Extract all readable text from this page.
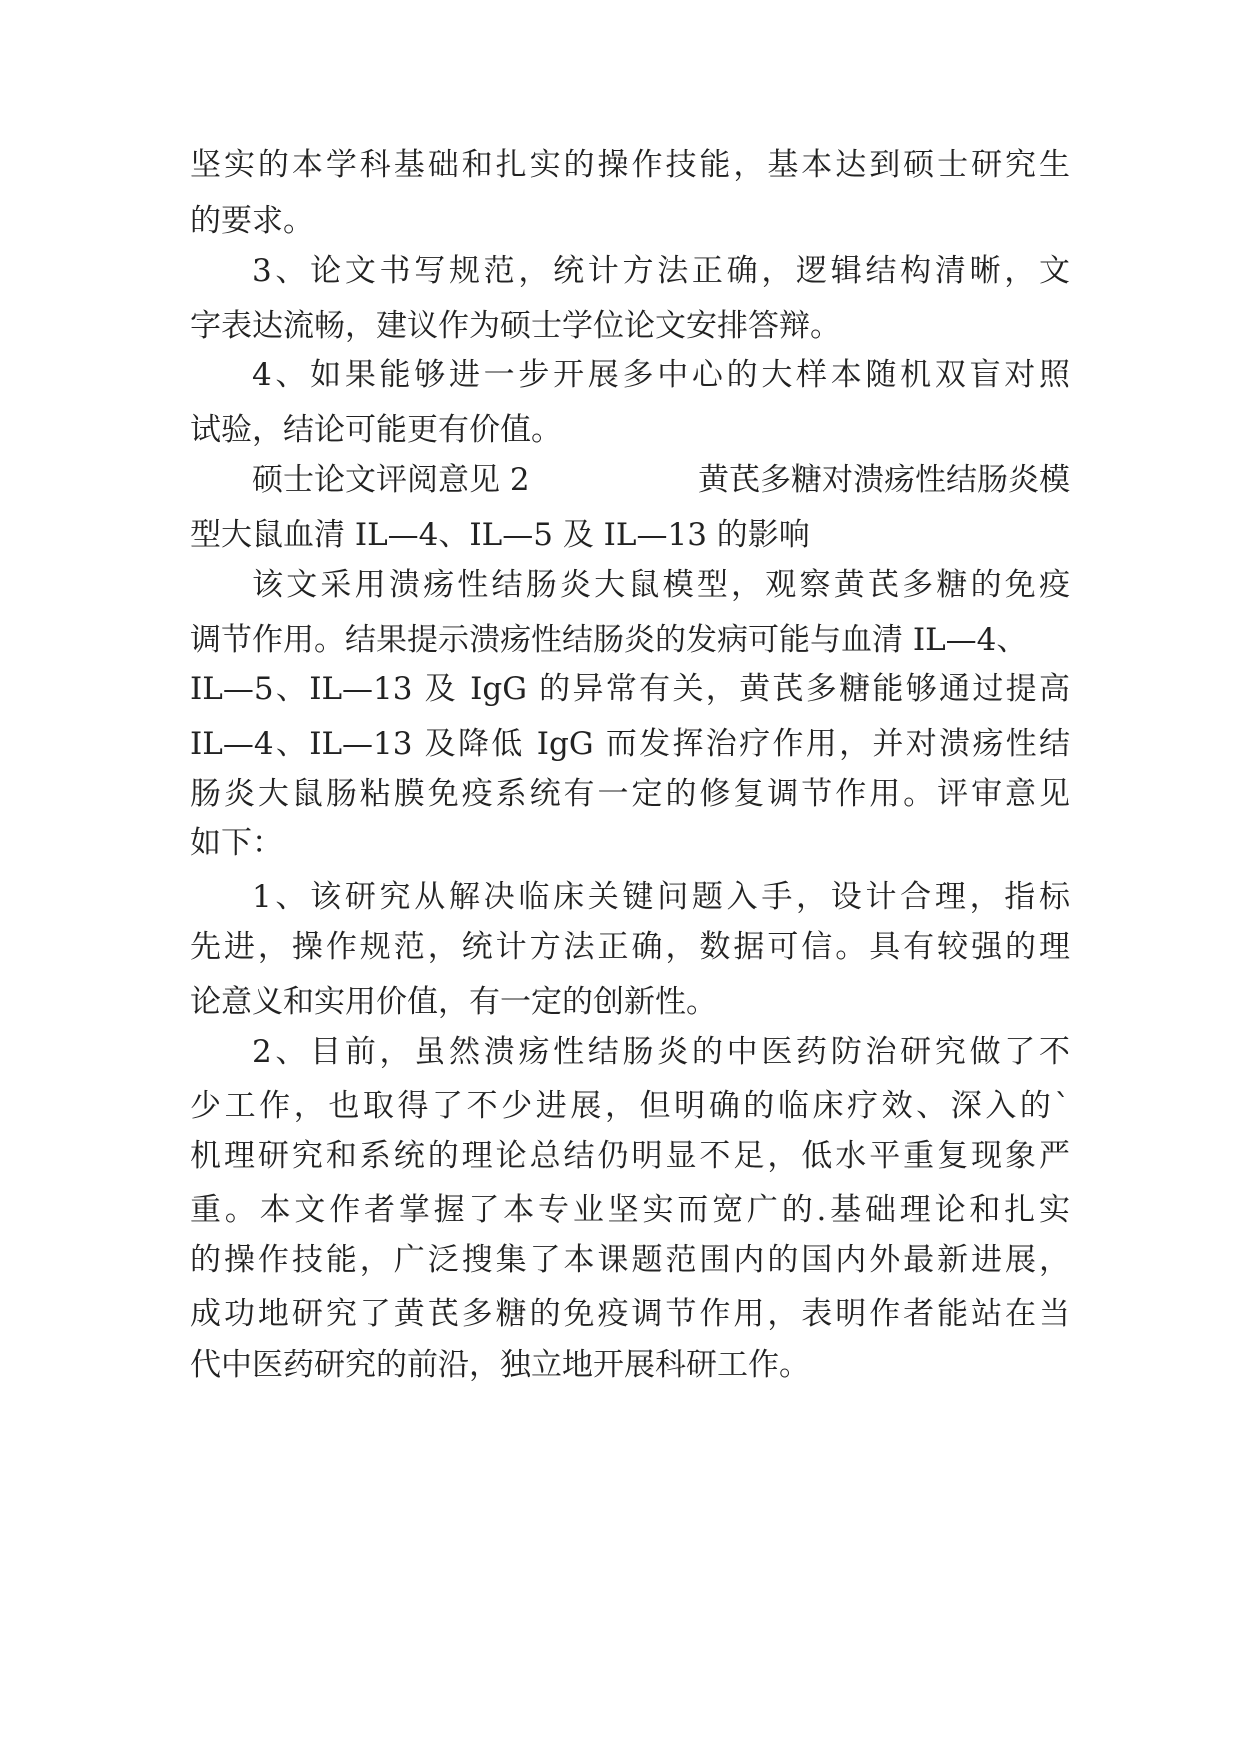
坚实的本学科基础和扎实的操作技能，基本达到硕士研究生
的要求。
3、论文书写规范，统计方法正确，逻辑结构清晰，文
字表达流畅，建议作为硕士学位论文安排答辩。
4、如果能够进一步开展多中心的大样本随机双盲对照
试验，结论可能更有价值。
硕士论文评阅意见 2	黄芪多糖对溃疡性结肠炎模
型大鼠血清 IL—4、IL—5 及 IL—13 的影响
该文采用溃疡性结肠炎大鼠模型，观察黄芪多糖的免疫
调节作用。结果提示溃疡性结肠炎的发病可能与血清 IL—4、
IL—5、IL—13 及 IgG 的异常有关，黄芪多糖能够通过提高
IL—4、IL—13 及降低 IgG 而发挥治疗作用，并对溃疡性结
肠炎大鼠肠粘膜免疫系统有一定的修复调节作用。评审意见
如下：
1、该研究从解决临床关键问题入手，设计合理，指标
先进，操作规范，统计方法正确，数据可信。具有较强的理
论意义和实用价值，有一定的创新性。
2、目前，虽然溃疡性结肠炎的中医药防治研究做了不
少工作，也取得了不少进展，但明确的临床疗效、深入的`
机理研究和系统的理论总结仍明显不足，低水平重复现象严
重。本文作者掌握了本专业坚实而宽广的.基础理论和扎实
的操作技能，广泛搜集了本课题范围内的国内外最新进展，
成功地研究了黄芪多糖的免疫调节作用，表明作者能站在当
代中医药研究的前沿，独立地开展科研工作。
